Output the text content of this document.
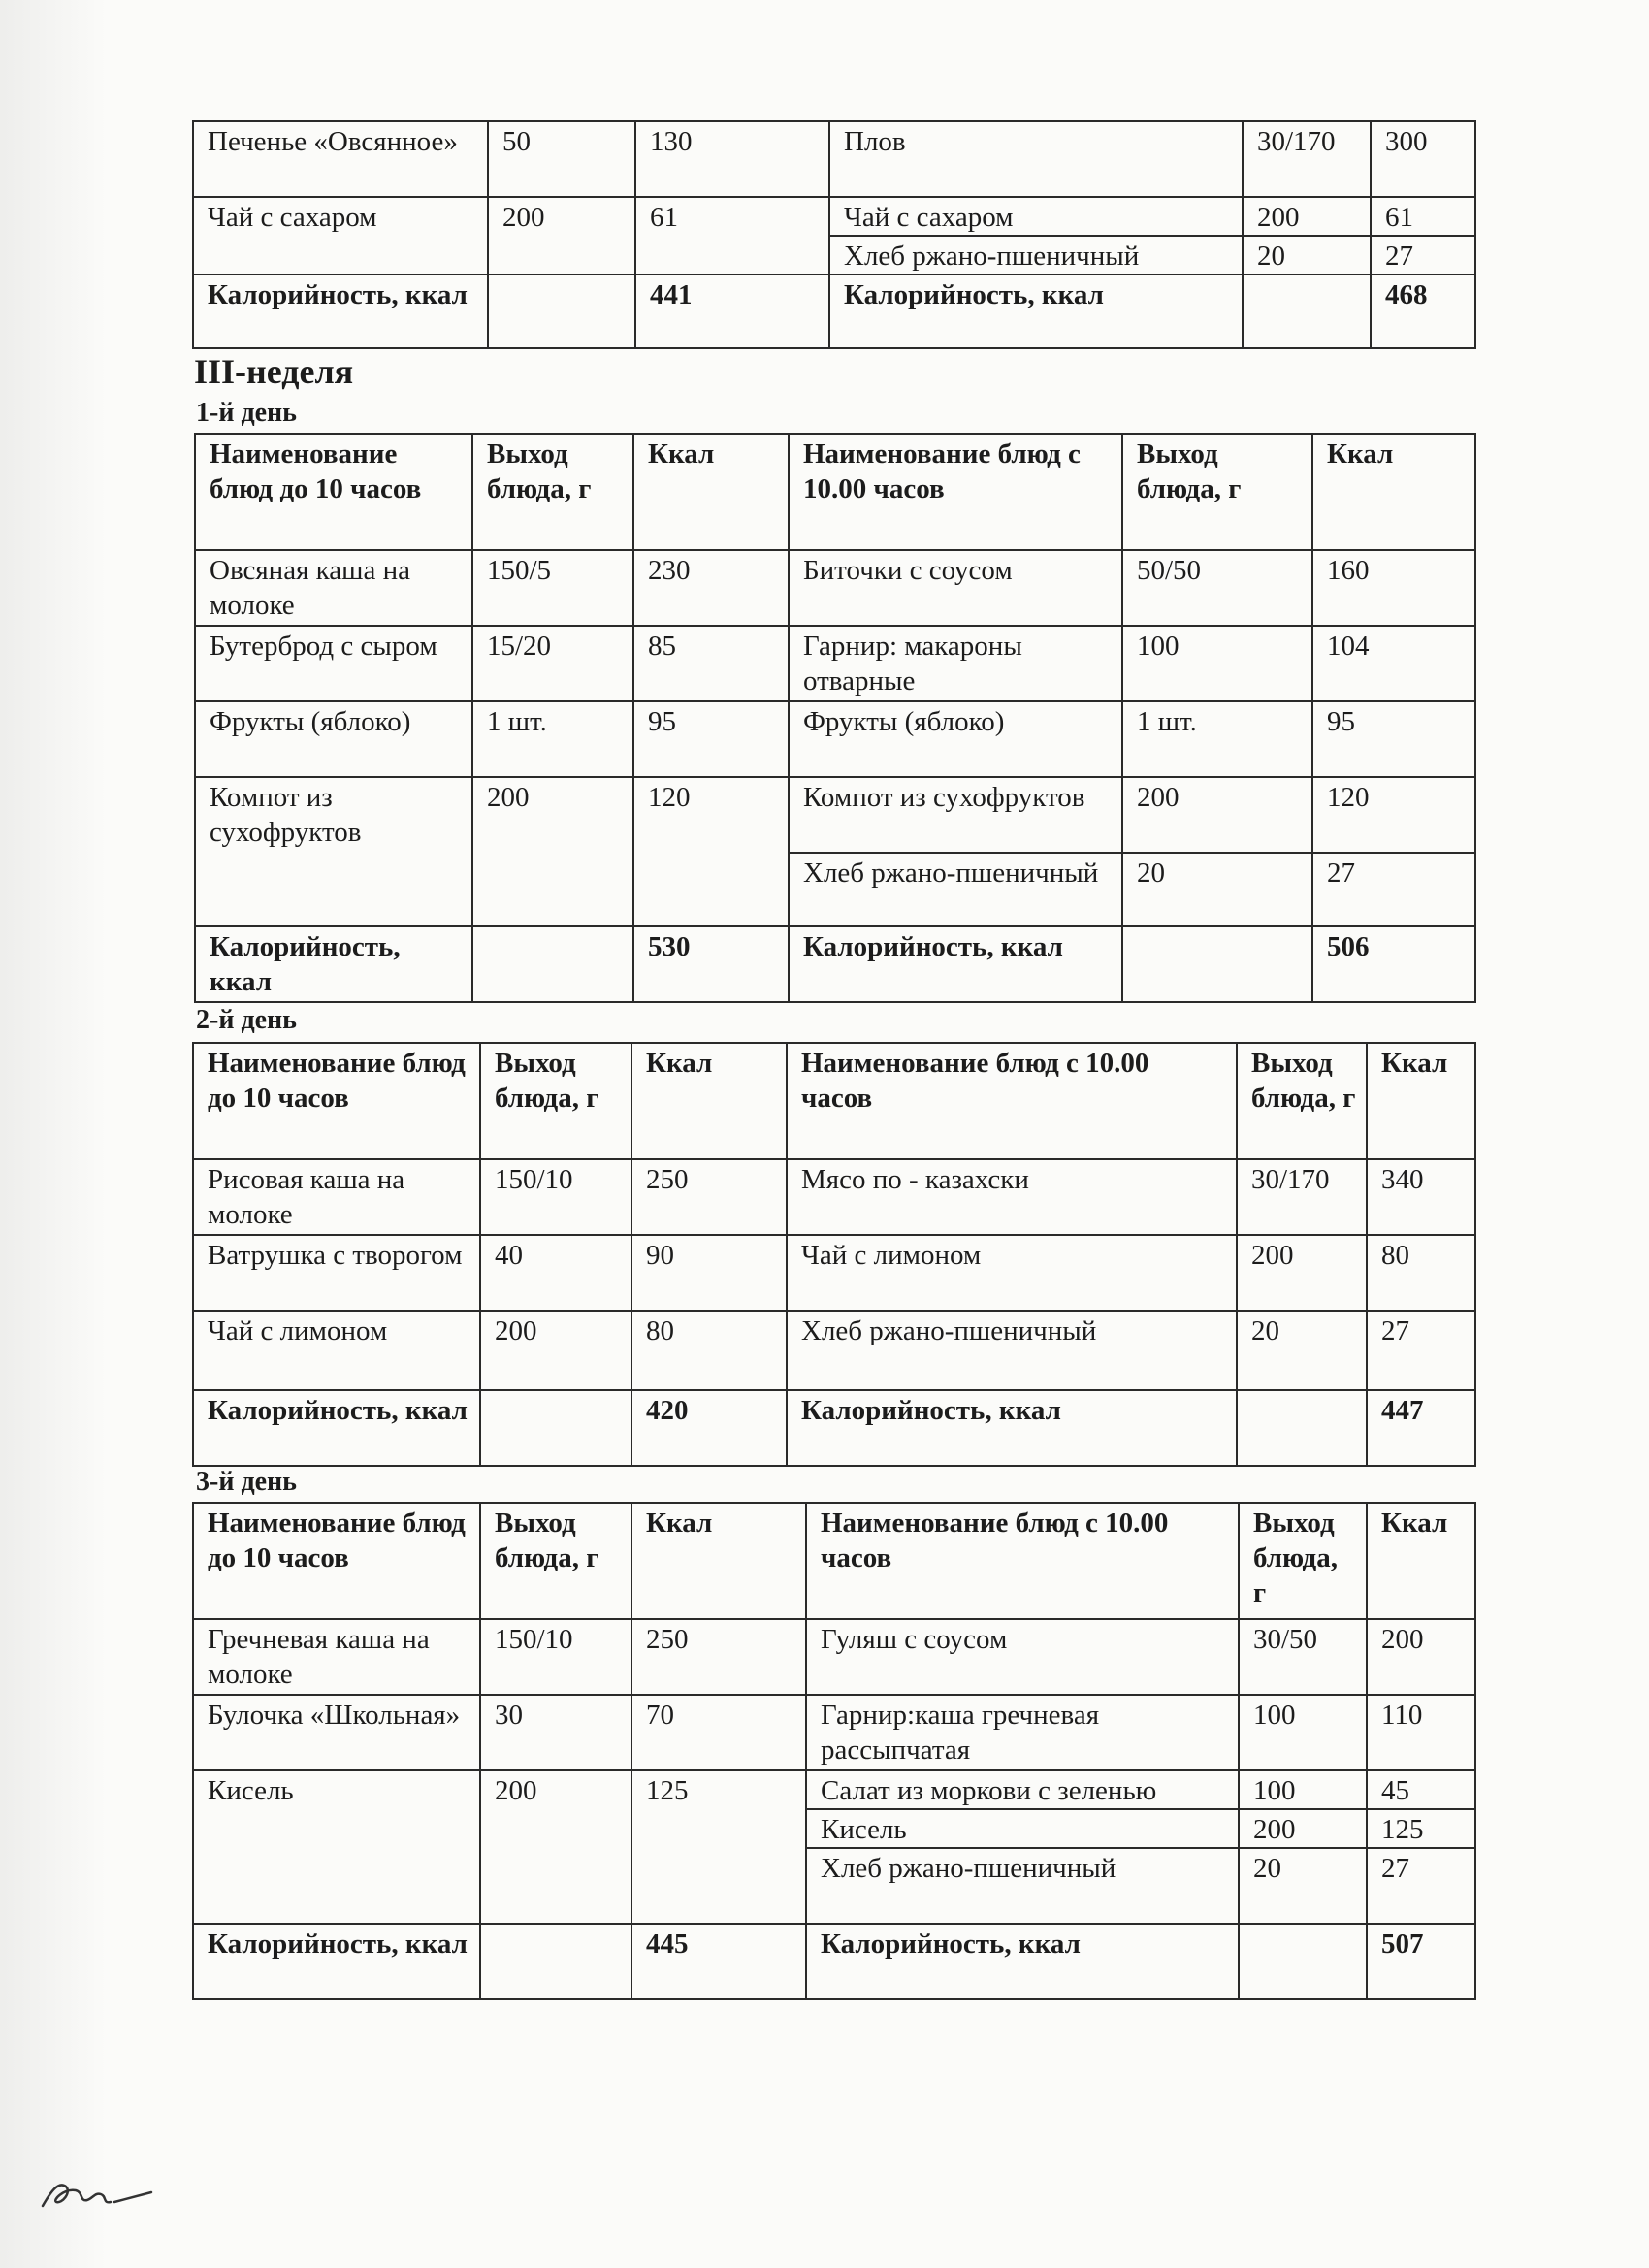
Печенье «Овсянное»	50	130	Плов	30/170	300
Чай с сахаром	200	61	Чай с сахаром	200	61
			Хлеб ржано-пшеничный	20	27
Калорийность, ккал		441	Калорийность, ккал		468
III-неделя
1-й день
Наименование блюд до 10 часов	Выход блюда, г	Ккал	Наименование блюд с 10.00 часов	Выход блюда, г	Ккал
Овсяная каша на молоке	150/5	230	Биточки с соусом	50/50	160
Бутерброд с сыром	15/20	85	Гарнир: макароны отварные	100	104
Фрукты (яблоко)	1 шт.	95	Фрукты (яблоко)	1 шт.	95
Компот из сухофруктов	200	120	Компот из сухофруктов	200	120
			Хлеб ржано-пшеничный	20	27
Калорийность, ккал		530	Калорийность, ккал		506
2-й день
Наименование блюд до 10 часов	Выход блюда, г	Ккал	Наименование блюд с 10.00 часов	Выход блюда, г	Ккал
Рисовая каша на молоке	150/10	250	Мясо по - казахски	30/170	340
Ватрушка с творогом	40	90	Чай с лимоном	200	80
Чай с лимоном	200	80	Хлеб ржано-пшеничный	20	27
Калорийность, ккал		420	Калорийность, ккал		447
3-й день
Наименование блюд до 10 часов	Выход блюда, г	Ккал	Наименование блюд с 10.00 часов	Выход блюда, г	Ккал
Гречневая каша на молоке	150/10	250	Гуляш с соусом	30/50	200
Булочка «Школьная»	30	70	Гарнир:каша гречневая рассыпчатая	100	110
Кисель	200	125	Салат из моркови с зеленью	100	45
			Кисель	200	125
			Хлеб ржано-пшеничный	20	27
Калорийность, ккал		445	Калорийность, ккал		507
